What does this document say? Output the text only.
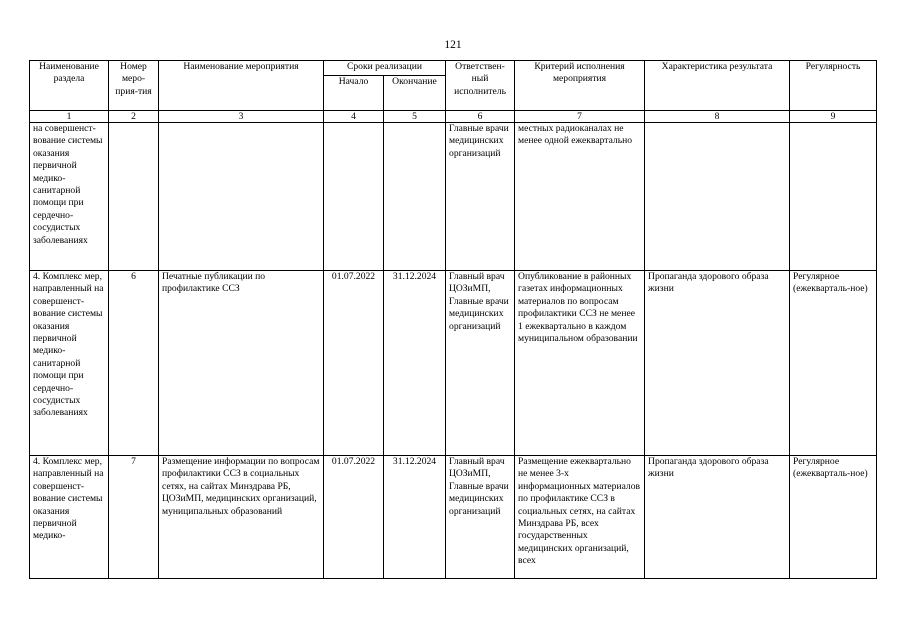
121
Наименование раздела	Номер меро-прия-тия	Наименование мероприятия	Сроки реализации		Ответствен-ный исполнитель	Критерий исполнения мероприятия	Характеристика результата	Регулярность
			Начало	Окончание				
1	2	3	4	5	6	7	8	9
на совершенст-вование системы оказания первичной медико-санитарной помощи при сердечно-сосудистых заболеваниях					Главные врачи медицинских организаций	местных радиоканалах не менее одной ежеквартально		
4. Комплекс мер, направленный на совершенст-вование системы оказания первичной медико-санитарной помощи при сердечно-сосудистых заболеваниях	6	Печатные публикации по профилактике ССЗ	01.07.2022	31.12.2024	Главный врач ЦОЗиМП, Главные врачи медицинских организаций	Опубликование в районных газетах информационных материалов по вопросам профилактики ССЗ не менее 1 ежеквартально в каждом муниципальном образовании	Пропаганда здорового образа жизни	Регулярное (ежекварталь-ное)
4. Комплекс мер, направленный на совершенст-вование системы оказания первичной медико-	7	Размещение информации по вопросам профилактики ССЗ в социальных сетях, на сайтах Минздрава РБ, ЦОЗиМП, медицинских организаций, муниципальных образований	01.07.2022	31.12.2024	Главный врач ЦОЗиМП, Главные врачи медицинских организаций	Размещение ежеквартально не менее 3-х информационных материалов по профилактике ССЗ в социальных сетях, на сайтах Минздрава РБ, всех государственных медицинских организаций, всех	Пропаганда здорового образа жизни	Регулярное (ежекварталь-ное)
